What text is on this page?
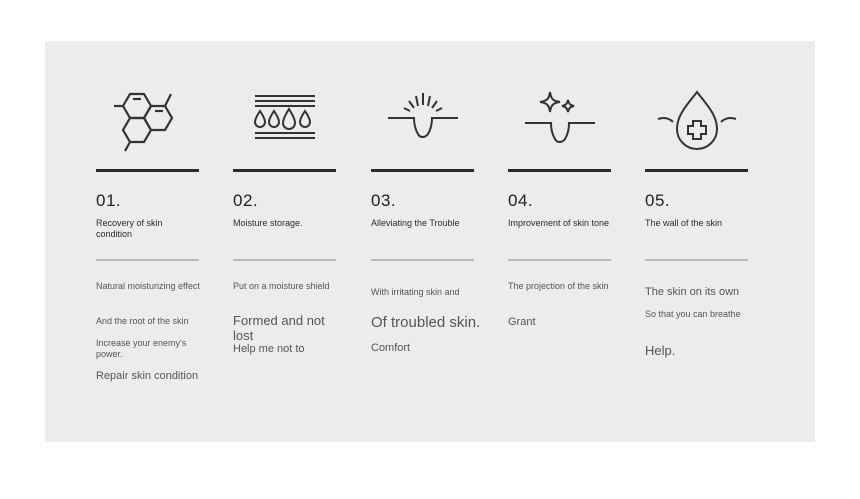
01.
Recovery of skin condition
Natural moisturizing effect
And the root of the skin
Increase your enemy's power.
Repair skin condition
02.
Moisture storage.
Put on a moisture shield
Formed and not lost
Help me not to
03.
Alleviating the Trouble
With irritating skin and
Of troubled skin.
Comfort
04.
Improvement of skin tone
The projection of the skin
Grant
05.
The wall of the skin
The skin on its own
So that you can breathe
Help.
